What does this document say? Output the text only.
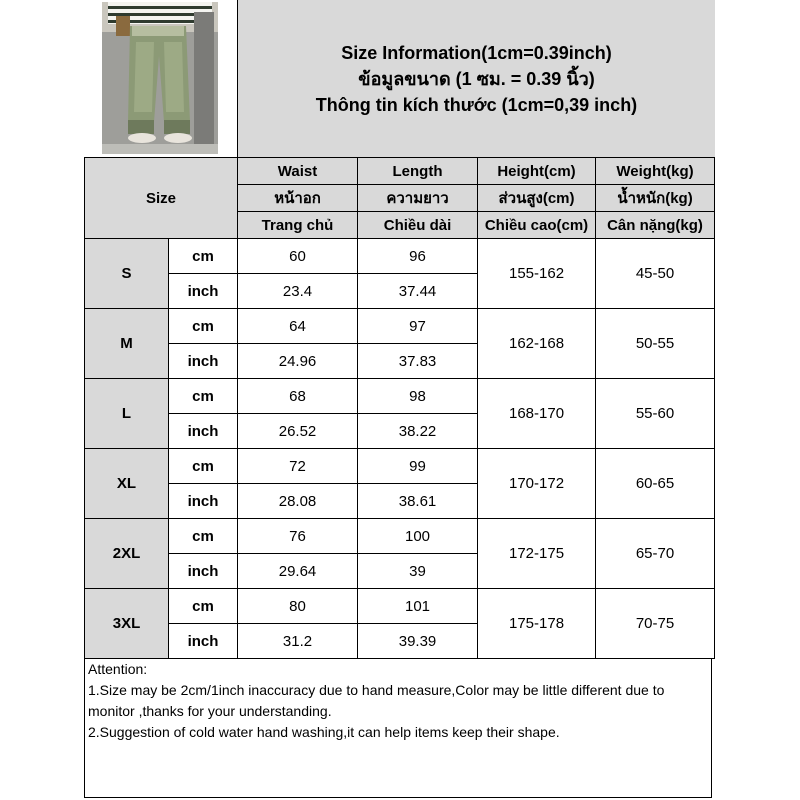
Size Information(1cm=0.39inch)
ข้อมูลขนาด (1 ซม. = 0.39 นิ้ว)
Thông tin kích thước (1cm=0,39 inch)
Size		Waist	Length	Height(cm)	Weight(kg)
		หน้าอก	ความยาว	ส่วนสูง(cm)	น้ำหนัก(kg)
		Trang chủ	Chiều dài	Chiều cao(cm)	Cân nặng(kg)
S	cm	60	96	155-162	45-50
	inch	23.4	37.44		
M	cm	64	97	162-168	50-55
	inch	24.96	37.83		
L	cm	68	98	168-170	55-60
	inch	26.52	38.22		
XL	cm	72	99	170-172	60-65
	inch	28.08	38.61		
2XL	cm	76	100	172-175	65-70
	inch	29.64	39		
3XL	cm	80	101	175-178	70-75
	inch	31.2	39.39		
Attention:
1.Size may be 2cm/1inch inaccuracy due to hand measure,Color may be little different due to monitor ,thanks for your understanding.
2.Suggestion of cold water hand washing,it can help items keep their shape.
